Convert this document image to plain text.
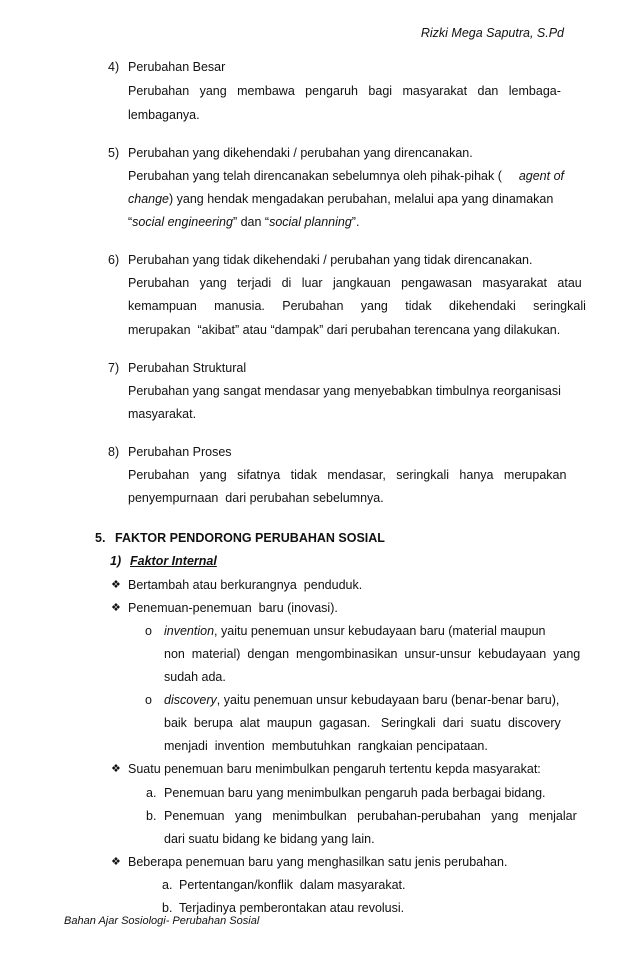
Rizki Mega Saputra, S.Pd
4) Perubahan Besar
Perubahan   yang   membawa   pengaruh   bagi   masyarakat   dan   lembaga-
lembaganya.
5) Perubahan yang dikehendaki / perubahan yang direncanakan.
Perubahan yang telah direncanakan sebelumnya oleh pihak-pihak ( agent of
change) yang hendak mengadakan perubahan, melalui apa yang dinamakan
“social engineering” dan “social planning”.
6) Perubahan yang tidak dikehendaki / perubahan yang tidak direncanakan.
Perubahan   yang   terjadi   di   luar   jangkauan   pengawasan   masyarakat   atau
kemampuan     manusia.     Perubahan     yang     tidak     dikehendaki     seringkali
merupakan  “akibat” atau “dampak” dari perubahan terencana yang dilakukan.
7) Perubahan Struktural
Perubahan yang sangat mendasar yang menyebabkan timbulnya reorganisasi
masyarakat.
8) Perubahan Proses
Perubahan   yang   sifatnya   tidak   mendasar,   seringkali   hanya   merupakan
penyempurnaan  dari perubahan sebelumnya.
5. FAKTOR PENDORONG PERUBAHAN SOSIAL
1) Faktor Internal
❖ Bertambah atau berkurangnya  penduduk.
❖ Penemuan-penemuan  baru (inovasi).
o invention, yaitu penemuan unsur kebudayaan baru (material maupun
non  material)  dengan  mengombinasikan  unsur-unsur  kebudayaan  yang
sudah ada.
o discovery, yaitu penemuan unsur kebudayaan baru (benar-benar baru),
baik  berupa  alat  maupun  gagasan.   Seringkali  dari  suatu  discovery
menjadi  invention  membutuhkan  rangkaian pencipataan.
❖ Suatu penemuan baru menimbulkan pengaruh tertentu kepda masyarakat:
a. Penemuan baru yang menimbulkan pengaruh pada berbagai bidang.
b. Penemuan   yang   menimbulkan   perubahan-perubahan   yang   menjalar
dari suatu bidang ke bidang yang lain.
❖ Beberapa penemuan baru yang menghasilkan satu jenis perubahan.
a. Pertentangan/konflik  dalam masyarakat.
b. Terjadinya pemberontakan atau revolusi.
Bahan Ajar Sosiologi- Perubahan Sosial
